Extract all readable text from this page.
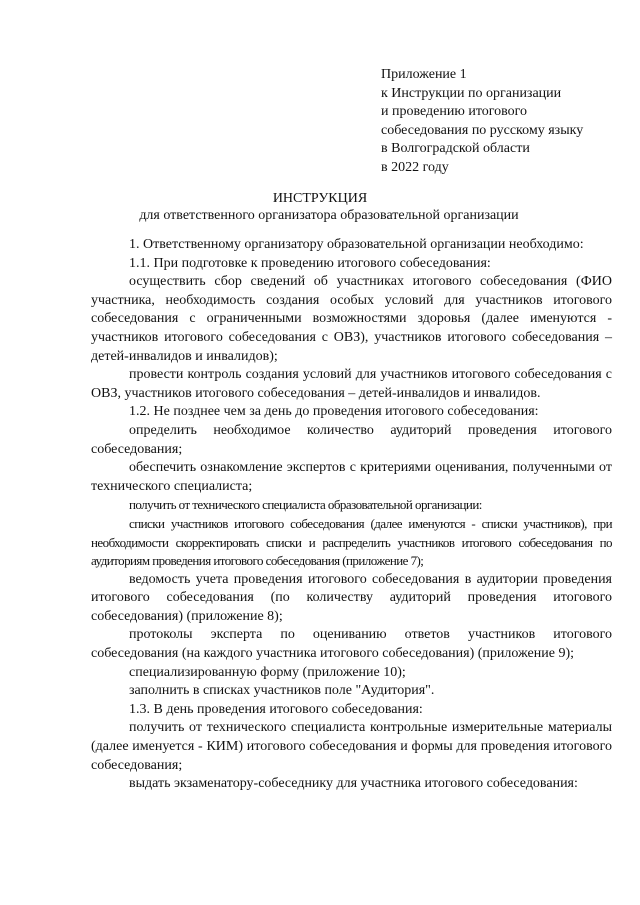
Приложение 1
к Инструкции по организации
и проведению итогового
собеседования по русскому языку
в Волгоградской области
в 2022 году
ИНСТРУКЦИЯ
для ответственного организатора образовательной организации

1. Ответственному организатору образовательной организации необходимо:

1.1. При подготовке к проведению итогового собеседования:

осуществить сбор сведений об участниках итогового собеседования (ФИО участника, необходимость создания особых условий для участников итогового собеседования с ограниченными возможностями здоровья (далее именуются - участников итогового собеседования с ОВЗ), участников итогового собеседования – детей-инвалидов и инвалидов);

провести контроль создания условий для участников итогового собеседования с ОВЗ, участников итогового собеседования – детей-инвалидов и инвалидов.

1.2. Не позднее чем за день до проведения итогового собеседования:

определить необходимое количество аудиторий проведения итогового собеседования;

обеспечить ознакомление экспертов с критериями оценивания, полученными от технического специалиста;

получить от технического специалиста образовательной организации:

списки участников итогового собеседования (далее именуются - списки участников), при необходимости скорректировать списки и распределить участников итогового собеседования по аудиториям проведения итогового собеседования (приложение 7);

ведомость учета проведения итогового собеседования в аудитории проведения итогового собеседования (по количеству аудиторий проведения итогового собеседования) (приложение 8);

протоколы эксперта по оцениванию ответов участников итогового собеседования (на каждого участника итогового собеседования) (приложение 9);

специализированную форму (приложение 10);

заполнить в списках участников поле "Аудитория".

1.3. В день проведения итогового собеседования:

получить от технического специалиста контрольные измерительные материалы (далее именуется - КИМ) итогового собеседования и формы для проведения итогового собеседования;

выдать экзаменатору-собеседнику для участника итогового собеседования:
